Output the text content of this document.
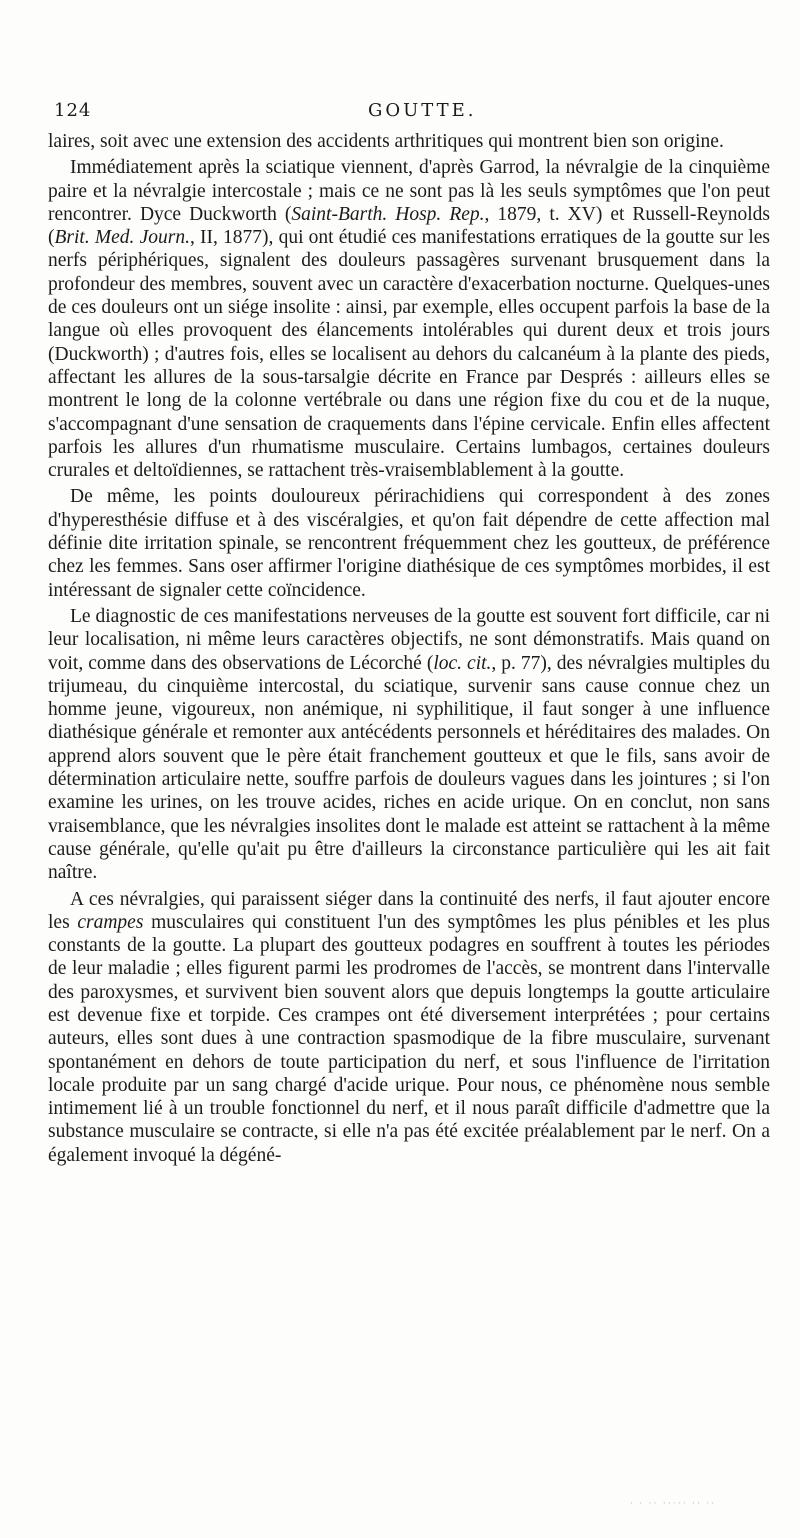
124	GOUTTE.

laires, soit avec une extension des accidents arthritiques qui montrent bien son origine.

Immédiatement après la sciatique viennent, d'après Garrod, la névralgie de la cinquième paire et la névralgie intercostale ; mais ce ne sont pas là les seuls symptômes que l'on peut rencontrer. Dyce Duckworth (Saint-Barth. Hosp. Rep., 1879, t. XV) et Russell-Reynolds (Brit. Med. Journ., II, 1877), qui ont étudié ces manifestations erratiques de la goutte sur les nerfs périphériques, signalent des douleurs passagères survenant brusquement dans la profondeur des membres, souvent avec un caractère d'exacerbation nocturne. Quelques-unes de ces douleurs ont un siége insolite : ainsi, par exemple, elles occupent parfois la base de la langue où elles provoquent des élancements intolérables qui durent deux et trois jours (Duckworth) ; d'autres fois, elles se localisent au dehors du calcanéum à la plante des pieds, affectant les allures de la sous-tarsalgie décrite en France par Després : ailleurs elles se montrent le long de la colonne vertébrale ou dans une région fixe du cou et de la nuque, s'accompagnant d'une sensation de craquements dans l'épine cervicale. Enfin elles affectent parfois les allures d'un rhumatisme musculaire. Certains lumbagos, certaines douleurs crurales et deltoïdiennes, se rattachent très-vraisemblablement à la goutte.

De même, les points douloureux périrachidiens qui correspondent à des zones d'hyperesthésie diffuse et à des viscéralgies, et qu'on fait dépendre de cette affection mal définie dite irritation spinale, se rencontrent fréquemment chez les goutteux, de préférence chez les femmes. Sans oser affirmer l'origine diathésique de ces symptômes morbides, il est intéressant de signaler cette coïncidence.

Le diagnostic de ces manifestations nerveuses de la goutte est souvent fort difficile, car ni leur localisation, ni même leurs caractères objectifs, ne sont démonstratifs. Mais quand on voit, comme dans des observations de Lécorché (loc. cit., p. 77), des névralgies multiples du trijumeau, du cinquième intercostal, du sciatique, survenir sans cause connue chez un homme jeune, vigoureux, non anémique, ni syphilitique, il faut songer à une influence diathésique générale et remonter aux antécédents personnels et héréditaires des malades. On apprend alors souvent que le père était franchement goutteux et que le fils, sans avoir de détermination articulaire nette, souffre parfois de douleurs vagues dans les jointures ; si l'on examine les urines, on les trouve acides, riches en acide urique. On en conclut, non sans vraisemblance, que les névralgies insolites dont le malade est atteint se rattachent à la même cause générale, qu'elle qu'ait pu être d'ailleurs la circonstance particulière qui les ait fait naître.

A ces névralgies, qui paraissent siéger dans la continuité des nerfs, il faut ajouter encore les crampes musculaires qui constituent l'un des symptômes les plus pénibles et les plus constants de la goutte. La plupart des goutteux podagres en souffrent à toutes les périodes de leur maladie ; elles figurent parmi les prodromes de l'accès, se montrent dans l'intervalle des paroxysmes, et survivent bien souvent alors que depuis longtemps la goutte articulaire est devenue fixe et torpide. Ces crampes ont été diversement interprétées ; pour certains auteurs, elles sont dues à une contraction spasmodique de la fibre musculaire, survenant spontanément en dehors de toute participation du nerf, et sous l'influence de l'irritation locale produite par un sang chargé d'acide urique. Pour nous, ce phénomène nous semble intimement lié à un trouble fonctionnel du nerf, et il nous paraît difficile d'admettre que la substance musculaire se contracte, si elle n'a pas été excitée préalablement par le nerf. On a également invoqué la dégéné-

· · ·· ····· ·· ··
